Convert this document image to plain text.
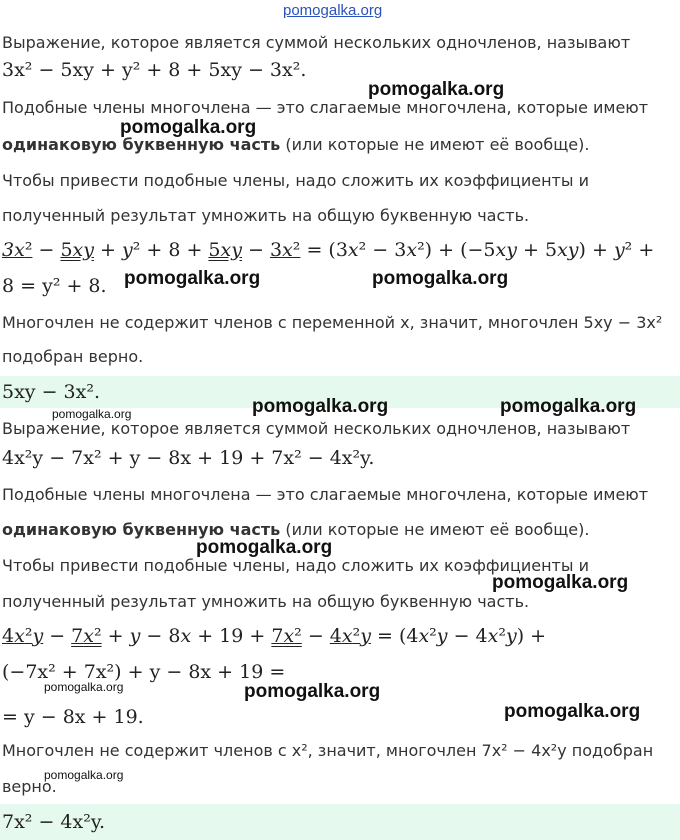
pomogalka.org
Выражение, которое является суммой нескольких одночленов, называют
3x² − 5xy + y² + 8 + 5xy − 3x².
Подобные члены многочлена — это слагаемые многочлена, которые имеют
одинаковую буквенную часть (или которые не имеют её вообще).
Чтобы привести подобные члены, надо сложить их коэффициенты и
полученный результат умножить на общую буквенную часть.
3x² − 5xy + y² + 8 + 5xy − 3x² = (3x² − 3x²) + (−5xy + 5xy) + y² +
8 = y² + 8.
Многочлен не содержит членов с переменной x, значит, многочлен 5xy − 3x²
подобран верно.
5xy − 3x².
Выражение, которое является суммой нескольких одночленов, называют
4x²y − 7x² + y − 8x + 19 + 7x² − 4x²y.
Подобные члены многочлена — это слагаемые многочлена, которые имеют
одинаковую буквенную часть (или которые не имеют её вообще).
Чтобы привести подобные члены, надо сложить их коэффициенты и
полученный результат умножить на общую буквенную часть.
4x²y − 7x² + y − 8x + 19 + 7x² − 4x²y = (4x²y − 4x²y) +
(−7x² + 7x²) + y − 8x + 19 =
= y − 8x + 19.
Многочлен не содержит членов с x², значит, многочлен 7x² − 4x²y подобран
верно.
7x² − 4x²y.
pomogalka.org
pomogalka.org
pomogalka.org	pomogalka.org
pomogalka.org	pomogalka.org	pomogalka.org
pomogalka.org
pomogalka.org
pomogalka.org	pomogalka.org
pomogalka.org
pomogalka.org
